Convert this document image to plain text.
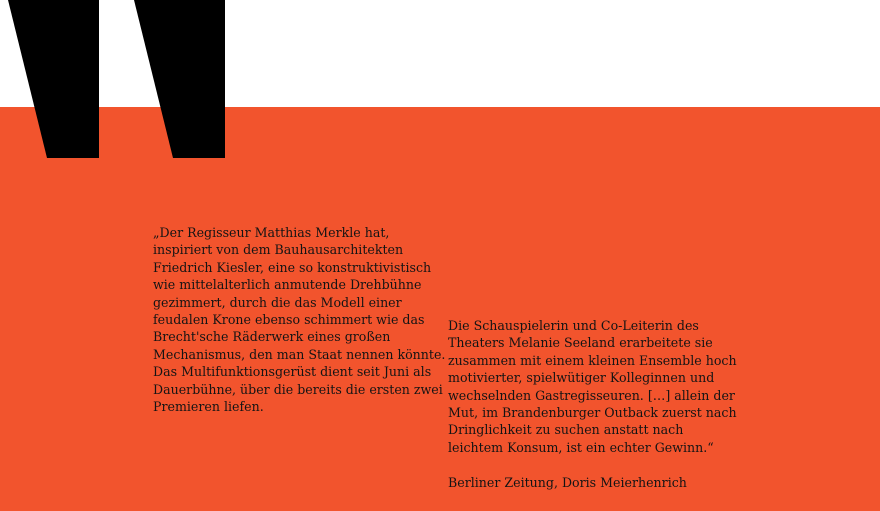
„Der Regisseur Matthias Merkle hat,
inspiriert von dem Bauhausarchitekten
Friedrich Kiesler, eine so konstruktivistisch
wie mittelalterlich anmutende Drehbühne
gezimmert, durch die das Modell einer
feudalen Krone ebenso schimmert wie das
Brecht'sche Räderwerk eines großen
Mechanismus, den man Staat nennen könnte.
Das Multifunktionsgerüst dient seit Juni als
Dauerbühne, über die bereits die ersten zwei
Premieren liefen.

Die Schauspielerin und Co-Leiterin des
Theaters Melanie Seeland erarbeitete sie
zusammen mit einem kleinen Ensemble hoch
motivierter, spielwütiger Kolleginnen und
wechselnden Gastregisseuren. […] allein der
Mut, im Brandenburger Outback zuerst nach
Dringlichkeit zu suchen anstatt nach
leichtem Konsum, ist ein echter Gewinn.“

Berliner Zeitung, Doris Meierhenrich
